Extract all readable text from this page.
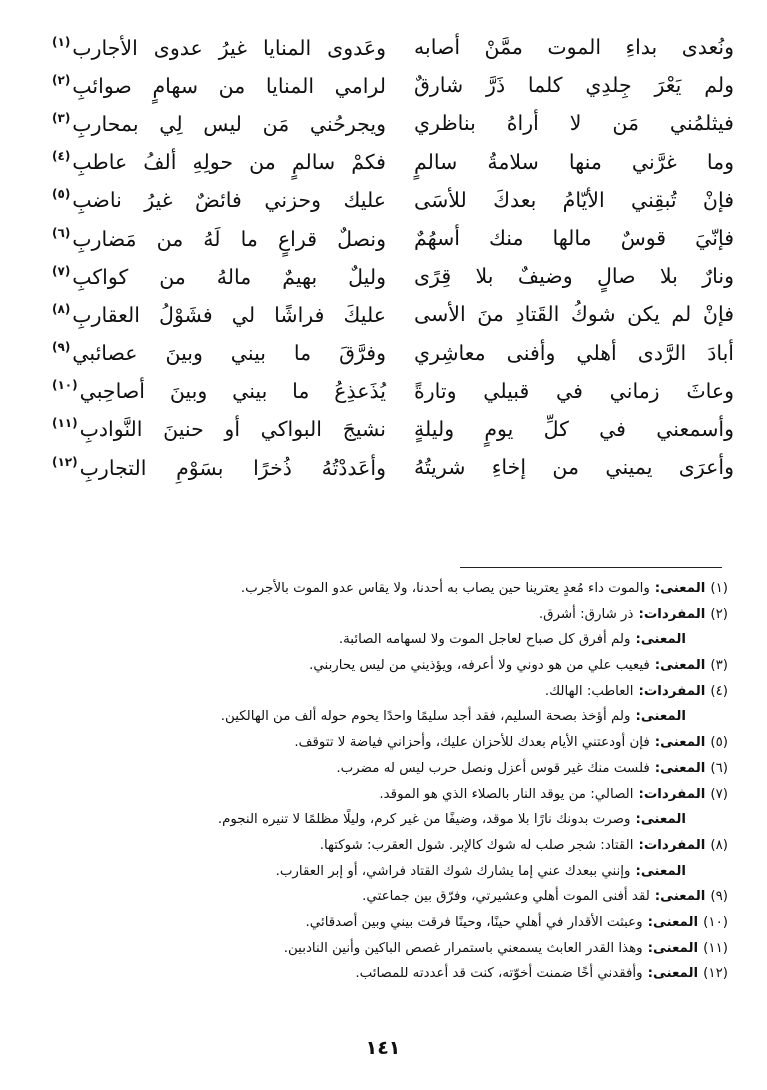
ونُعدى بداءِ الموت ممَّنْ أصابه
وعَدوى المنايا غيرُ عدوى الأجارب$^{(١)}$
ولم يَعْرَ جِلدِي كلما ذَرَّ شارقٌ
لرامي المنايا من سهامٍ صوائبِ$^{(٢)}$
فيثلمُني مَن لا أراهُ بناظري
ويجرحُني مَن ليس لِي بمحاربِ$^{(٣)}$
وما غرَّني منها سلامةُ سالمٍ
فكمْ سالمٍ من حولِهِ ألفُ عاطبِ$^{(٤)}$
فإنْ تُبقِني الأيّامُ بعدكَ للأسَى
عليك وحزني فائضٌ غيرُ ناضبِ$^{(٥)}$
فإنّيَ قوسٌ مالها منك أسهُمٌ
ونصلٌ قراعٍ ما لَهُ من مَضاربِ$^{(٦)}$
ونارٌ بلا صالٍ وضيفٌ بلا قِرًى
وليلٌ بهيمٌ مالهُ من كواكبِ$^{(٧)}$
فإنْ لم يكن شوكُ القَتادِ منَ الأسى
عليكَ فراشًا لي فشَوْلُ العقاربِ$^{(٨)}$
أبادَ الرَّدى أهلي وأفنى معاشِري
وفرَّقَ ما بيني وبينَ عصائبي$^{(٩)}$
وعاثَ زماني في قبيلي وتارةً
يُذَعذِعُ ما بيني وبينَ أصاحِبي$^{(١٠)}$
وأسمعني في كلِّ يومٍ وليلةٍ
نشيجَ البواكي أو حنينَ النَّوادبِ$^{(١١)}$
وأعرَى يميني من إخاءِ شريتُهُ
وأعَددْتُهُ ذُخرًا بسَوْمِ التجاربِ$^{(١٢)}$
(١)المعنى:والموت داء مُعدٍ يعترينا حين يصاب به أحدنا، ولا يقاس عدو الموت بالأجرب.
(٢)المفردات:ذر شارق: أشرق.
المعنى:ولم أفرق كل صباح لعاجل الموت ولا لسهامه الصائبة.
(٣)المعنى:فيعيب علي من هو دوني ولا أعرفه، ويؤذيني من ليس يحاربني.
(٤)المفردات:العاطب: الهالك.
المعنى:ولم أؤخذ بصحة السليم، فقد أجد سليمًا واحدًا يحوم حوله ألف من الهالكين.
(٥)المعنى:فإن أودعتني الأيام بعدك للأحزان عليك، وأحزاني فياضة لا تتوقف.
(٦)المعنى:فلست منك غير قوس أعزل ونصل حرب ليس له مضرب.
(٧)المفردات:الصالي: من يوقد النار بالصلاء الذي هو الموقد.
المعنى:وصرت بدونك نارًا بلا موقد، وضيفًا من غير كرم، وليلًا مظلمًا لا تنيره النجوم.
(٨)المفردات:القتاد: شجر صلب له شوك كالإبر. شول العقرب: شوكتها.
المعنى:وإنني ببعدك عني إما يشارك شوك القتاد فراشي، أو إبر العقارب.
(٩)المعنى:لقد أفنى الموت أهلي وعشيرتي، وفرّق بين جماعتي.
(١٠)المعنى:وعبثت الأقدار في أهلي حينًا، وحينًا فرقت بيني وبين أصدقائي.
(١١)المعنى:وهذا القدر العابث يسمعني باستمرار غصص الباكين وأنين النادبين.
(١٢)المعنى:وأفقدني أخًا ضمنت أخوّته، كنت قد أعددته للمصائب.
١٤١
